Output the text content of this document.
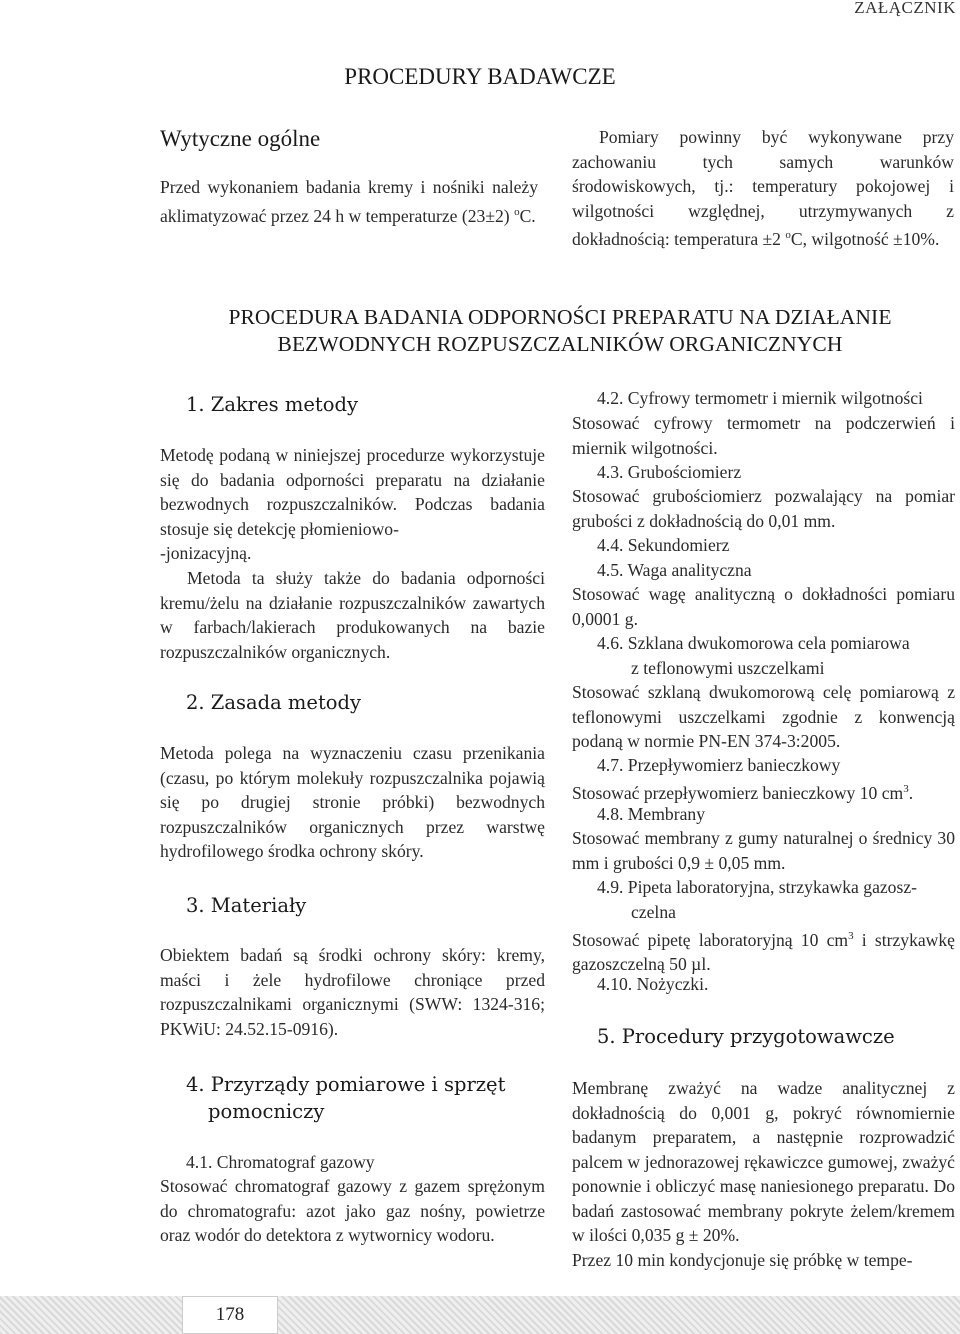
ZAŁĄCZNIK
PROCEDURY BADAWCZE
Wytyczne ogólne

Przed wykonaniem badania kremy i nośniki należy aklimatyzować przez 24 h w temperaturze (23±2) $^o$C.

Pomiary powinny być wykonywane przy zachowaniu tych samych warunków środowiskowych, tj.: temperatury pokojowej i wilgotności względnej, utrzymywanych z dokładnością: temperatura ±2 $^o$C, wilgotność ±10%.

PROCEDURA BADANIA ODPORNOŚCI PREPARATU NA DZIAŁANIE
BEZWODNYCH ROZPUSZCZALNIKÓW ORGANICZNYCH
1. Zakres metody

Metodę podaną w niniejszej procedurze wykorzystuje się do badania odporności preparatu na działanie bezwodnych rozpuszczalników. Podczas badania stosuje się detekcję płomieniowo-
-jonizacyjną.

Metoda ta służy także do badania odporności kremu/żelu na działanie rozpuszczalników zawartych w farbach/lakierach produkowanych na bazie rozpuszczalników organicznych.

2. Zasada metody

Metoda polega na wyznaczeniu czasu przenikania (czasu, po którym molekuły rozpuszczalnika pojawią się po drugiej stronie próbki) bezwodnych rozpuszczalników organicznych przez warstwę hydrofilowego środka ochrony skóry.

3. Materiały

Obiektem badań są środki ochrony skóry: kremy, maści i żele hydrofilowe chroniące przed rozpuszczalnikami organicznymi (SWW: 1324-316; PKWiU: 24.52.15-0916).

4. Przyrządy pomiarowe i sprzęt
pomocniczy

4.1. Chromatograf gazowy

Stosować chromatograf gazowy z gazem sprężonym do chromatografu: azot jako gaz nośny, powietrze oraz wodór do detektora z wytwornicy wodoru.

4.2. Cyfrowy termometr i miernik wilgotności

Stosować cyfrowy termometr na podczerwień i miernik wilgotności.

4.3. Grubościomierz

Stosować grubościomierz pozwalający na pomiar grubości z dokładnością do 0,01 mm.

4.4. Sekundomierz

4.5. Waga analityczna

Stosować wagę analityczną o dokładności pomiaru 0,0001 g.

4.6. Szklana dwukomorowa cela pomiarowa
z teflonowymi uszczelkami

Stosować szklaną dwukomorową celę pomiarową z teflonowymi uszczelkami zgodnie z konwencją podaną w normie PN-EN 374-3:2005.

4.7. Przepływomierz banieczkowy

Stosować przepływomierz banieczkowy 10 $cm^3$.

4.8. Membrany

Stosować membrany z gumy naturalnej o średnicy 30 mm i grubości 0,9 ± 0,05 mm.

4.9. Pipeta laboratoryjna, strzykawka gazosz-
czelna

Stosować pipetę laboratoryjną 10 $cm^3$ i strzykawkę gazoszczelną 50 µl.

4.10. Nożyczki.

5. Procedury przygotowawcze

Membranę zważyć na wadze analitycznej z dokładnością do 0,001 g, pokryć równomiernie badanym preparatem, a następnie rozprowadzić palcem w jednorazowej rękawiczce gumowej, zważyć ponownie i obliczyć masę naniesionego preparatu. Do badań zastosować membrany pokryte żelem/kremem w ilości 0,035 g ± 20%.

Przez 10 min kondycjonuje się próbkę w tempe-

178
